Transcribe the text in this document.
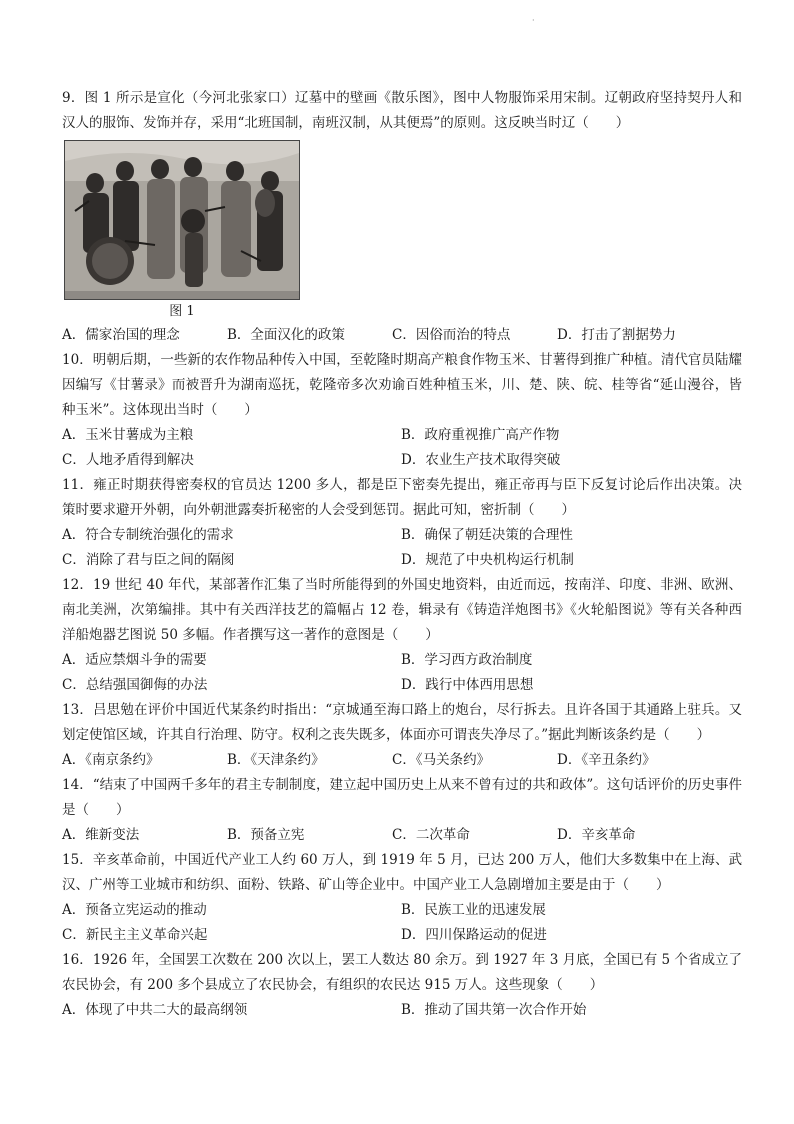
·
9．图 1 所示是宣化（今河北张家口）辽墓中的壁画《散乐图》，图中人物服饰采用宋制。辽朝政府坚持契丹人和汉人的服饰、发饰并存，采用“北班国制，南班汉制，从其便焉”的原则。这反映当时辽（　　）
图 1
A．儒家治国的理念	B．全面汉化的政策	C．因俗而治的特点	D．打击了割据势力
10．明朝后期，一些新的农作物品种传入中国，至乾隆时期高产粮食作物玉米、甘薯得到推广种植。清代官员陆耀因编写《甘薯录》而被晋升为湖南巡抚，乾隆帝多次劝谕百姓种植玉米，川、楚、陕、皖、桂等省“延山漫谷，皆种玉米”。这体现出当时（　　）
A．玉米甘薯成为主粮	B．政府重视推广高产作物
C．人地矛盾得到解决	D．农业生产技术取得突破
11．雍正时期获得密奏权的官员达 1200 多人，都是臣下密奏先提出，雍正帝再与臣下反复讨论后作出决策。决策时要求避开外朝，向外朝泄露奏折秘密的人会受到惩罚。据此可知，密折制（　　）
A．符合专制统治强化的需求	B．确保了朝廷决策的合理性
C．消除了君与臣之间的隔阂	D．规范了中央机构运行机制
12．19 世纪 40 年代，某部著作汇集了当时所能得到的外国史地资料，由近而远，按南洋、印度、非洲、欧洲、南北美洲，次第编排。其中有关西洋技艺的篇幅占 12 卷，辑录有《铸造洋炮图书》《火轮船图说》等有关各种西洋船炮器艺图说 50 多幅。作者撰写这一著作的意图是（　　）
A．适应禁烟斗争的需要	B．学习西方政治制度
C．总结强国御侮的办法	D．践行中体西用思想
13．吕思勉在评价中国近代某条约时指出：“京城通至海口路上的炮台，尽行拆去。且许各国于其通路上驻兵。又划定使馆区域，许其自行治理、防守。权利之丧失既多，体面亦可谓丧失净尽了。”据此判断该条约是（　　）
A．《南京条约》	B．《天津条约》	C．《马关条约》	D．《辛丑条约》
14．“结束了中国两千多年的君主专制制度，建立起中国历史上从来不曾有过的共和政体”。这句话评价的历史事件是（　　）
A．维新变法	B．预备立宪	C．二次革命	D．辛亥革命
15．辛亥革命前，中国近代产业工人约 60 万人，到 1919 年 5 月，已达 200 万人，他们大多数集中在上海、武汉、广州等工业城市和纺织、面粉、铁路、矿山等企业中。中国产业工人急剧增加主要是由于（　　）
A．预备立宪运动的推动	B．民族工业的迅速发展
C．新民主主义革命兴起	D．四川保路运动的促进
16．1926 年，全国罢工次数在 200 次以上，罢工人数达 80 余万。到 1927 年 3 月底，全国已有 5 个省成立了农民协会，有 200 多个县成立了农民协会，有组织的农民达 915 万人。这些现象（　　）
A．体现了中共二大的最高纲领	B．推动了国共第一次合作开始
